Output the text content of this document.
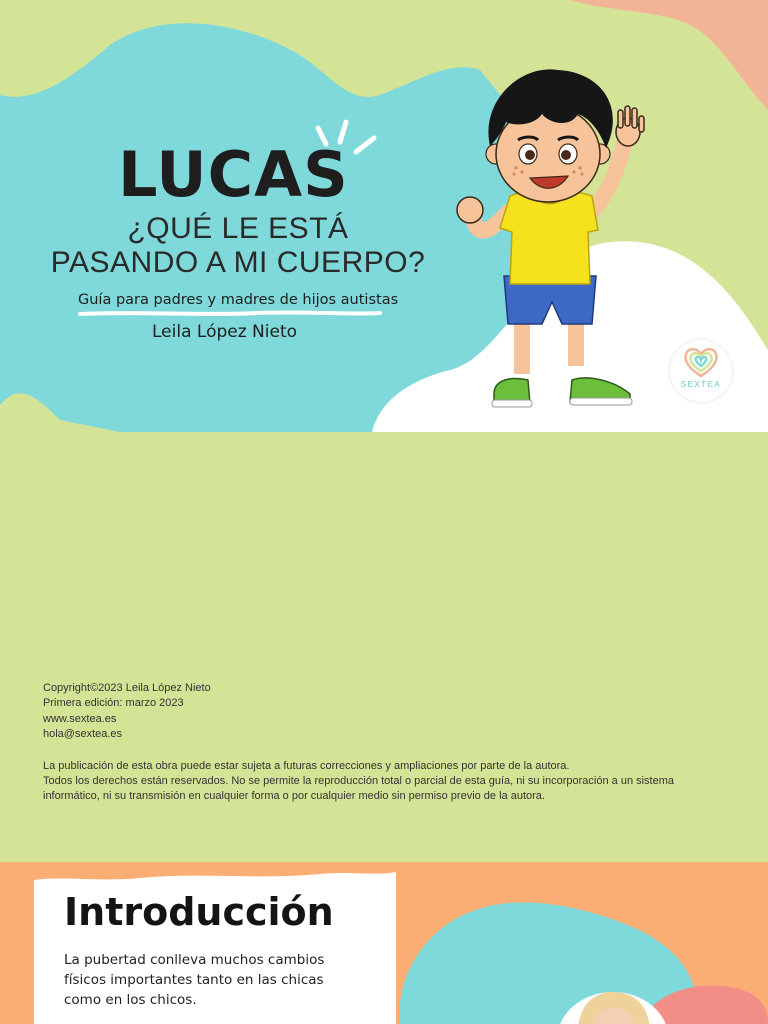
LUCAS
¿QUÉ LE ESTÁ PASANDO A MI CUERPO?
Guía para padres y madres de hijos autistas
Leila López Nieto
SEXTEA

Copyright©2023 Leila López Nieto

Primera edición: marzo 2023

www.sextea.es

hola@sextea.es

La publicación de esta obra puede estar sujeta a futuras correcciones y ampliaciones por parte de la autora.

Todos los derechos están reservados. No se permite la reproducción total o parcial de esta guía, ni su incorporación a un sistema informático, ni su transmisión en cualquier forma o por cualquier medio sin permiso previo de la autora.

Introducción
La pubertad conlleva muchos cambios
físicos importantes tanto en las chicas
como en los chicos.
